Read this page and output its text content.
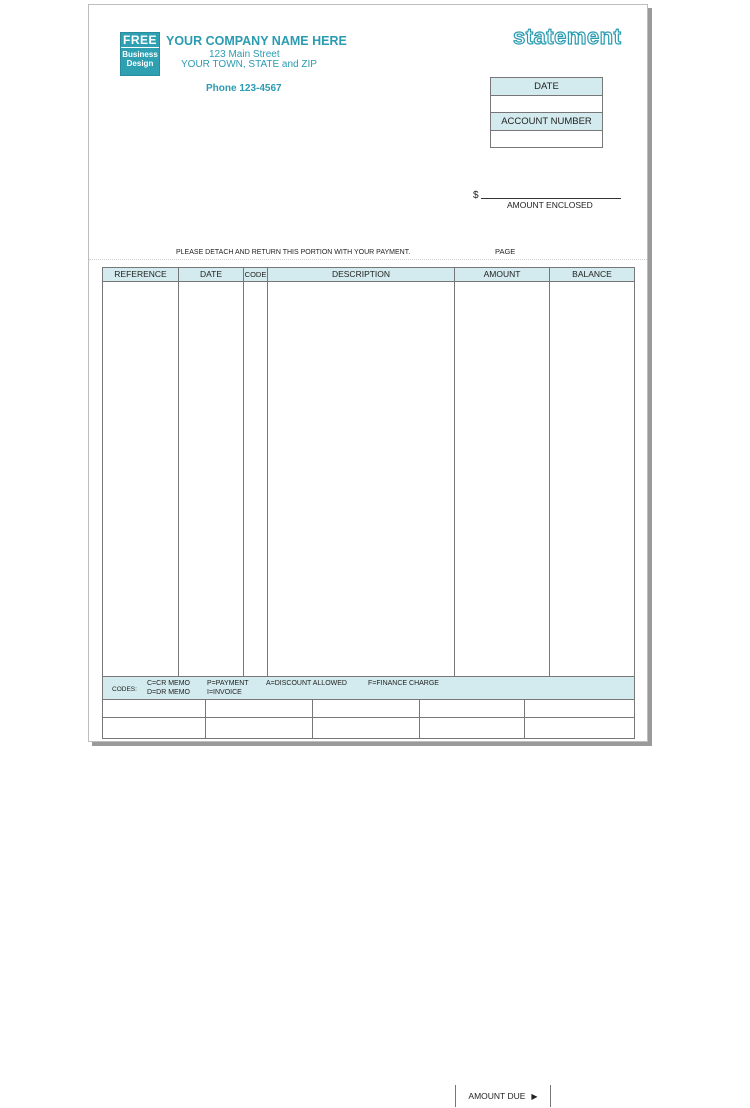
FREE
Business
Design
YOUR COMPANY NAME HERE
123 Main Street
YOUR TOWN, STATE and ZIP
Phone 123-4567
statement
DATE
ACCOUNT NUMBER
$
AMOUNT ENCLOSED
PLEASE DETACH AND RETURN THIS PORTION WITH YOUR PAYMENT.	PAGE
REFERENCE	DATE	CODE	DESCRIPTION	AMOUNT	BALANCE
CODES:
C=CR MEMO
D=DR MEMO
P=PAYMENT
I=INVOICE
A=DISCOUNT ALLOWED	F=FINANCE CHARGE
AMOUNT DUE ▶
